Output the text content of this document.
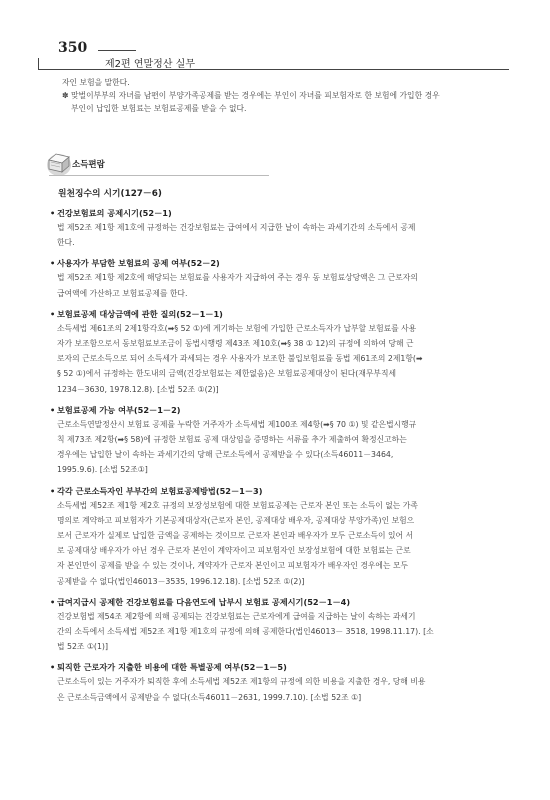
350
제2편 연말정산 실무
자인 보험을 말한다.
✽ 맞벌이부부의 자녀를 남편이 부양가족공제를 받는 경우에는 부인이 자녀를 피보험자로 한 보험에 가입한 경우
부인이 납입한 보험료는 보험료공제를 받을 수 없다.
소득편람
원천징수의 시기(127－6)
• 건강보험료의 공제시기(52－1)
법 제52조 제1항 제1호에 규정하는 건강보험료는 급여에서 지급한 날이 속하는 과세기간의 소득에서 공제
한다.
• 사용자가 부담한 보험료의 공제 여부(52－2)
법 제52조 제1항 제2호에 해당되는 보험료를 사용자가 지급하여 주는 경우 동 보험료상당액은 그 근로자의
급여액에 가산하고 보험료공제를 한다.
• 보험료공제 대상금액에 관한 질의(52－1－1)
소득세법 제61조의 2제1항각호(➡§ 52 ①)에 게기하는 보험에 가입한 근로소득자가 납부할 보험료를 사용
자가 보조함으로서 동보험료보조금이 동법시행령 제43조 제10호(➡§ 38 ① 12)의 규정에 의하여 당해 근
로자의 근로소득으로 되어 소득세가 과세되는 경우 사용자가 보조한 불입보험료를 동법 제61조의 2제1항(➡
§ 52 ①)에서 규정하는 한도내의 금액(건강보험료는 제한없음)은 보험료공제대상이 된다(재무부직세
1234－3630, 1978.12.8). [소법 52조 ①(2)]
• 보험료공제 가능 여부(52－1－2)
근로소득연말정산시 보험료 공제를 누락한 거주자가 소득세법 제100조 제4항(➡§ 70 ①) 및 같은법시행규
칙 제73조 제2항(➡§ 58)에 규정한 보험료 공제 대상임을 증명하는 서류를 추가 제출하여 확정신고하는
경우에는 납입한 날이 속하는 과세기간의 당해 근로소득에서 공제받을 수 있다(소득46011－3464,
1995.9.6). [소법 52조①]
• 각각 근로소득자인 부부간의 보험료공제방법(52－1－3)
소득세법 제52조 제1항 제2호 규정의 보장성보험에 대한 보험료공제는 근로자 본인 또는 소득이 없는 가족
명의로 계약하고 피보험자가 기본공제대상자(근로자 본인, 공제대상 배우자, 공제대상 부양가족)인 보험으
로서 근로자가 실제로 납입한 금액을 공제하는 것이므로 근로자 본인과 배우자가 모두 근로소득이 있어 서
로 공제대상 배우자가 아닌 경우 근로자 본인이 계약자이고 피보험자인 보장성보험에 대한 보험료는 근로
자 본인만이 공제를 받을 수 있는 것이나, 계약자가 근로자 본인이고 피보험자가 배우자인 경우에는 모두
공제받을 수 없다(법인46013－3535, 1996.12.18). [소법 52조 ①(2)]
• 급여지급시 공제한 건강보험료를 다음연도에 납부시 보험료 공제시기(52－1－4)
건강보험법 제54조 제2항에 의해 공제되는 건강보험료는 근로자에게 급여를 지급하는 날이 속하는 과세기
간의 소득에서 소득세법 제52조 제1항 제1호의 규정에 의해 공제한다(법인46013－ 3518, 1998.11.17). [소
법 52조 ①(1)]
• 퇴직한 근로자가 지출한 비용에 대한 특별공제 여부(52－1－5)
근로소득이 있는 거주자가 퇴직한 후에 소득세법 제52조 제1항의 규정에 의한 비용을 지출한 경우, 당해 비용
은 근로소득금액에서 공제받을 수 없다(소득46011－2631, 1999.7.10). [소법 52조 ①]
